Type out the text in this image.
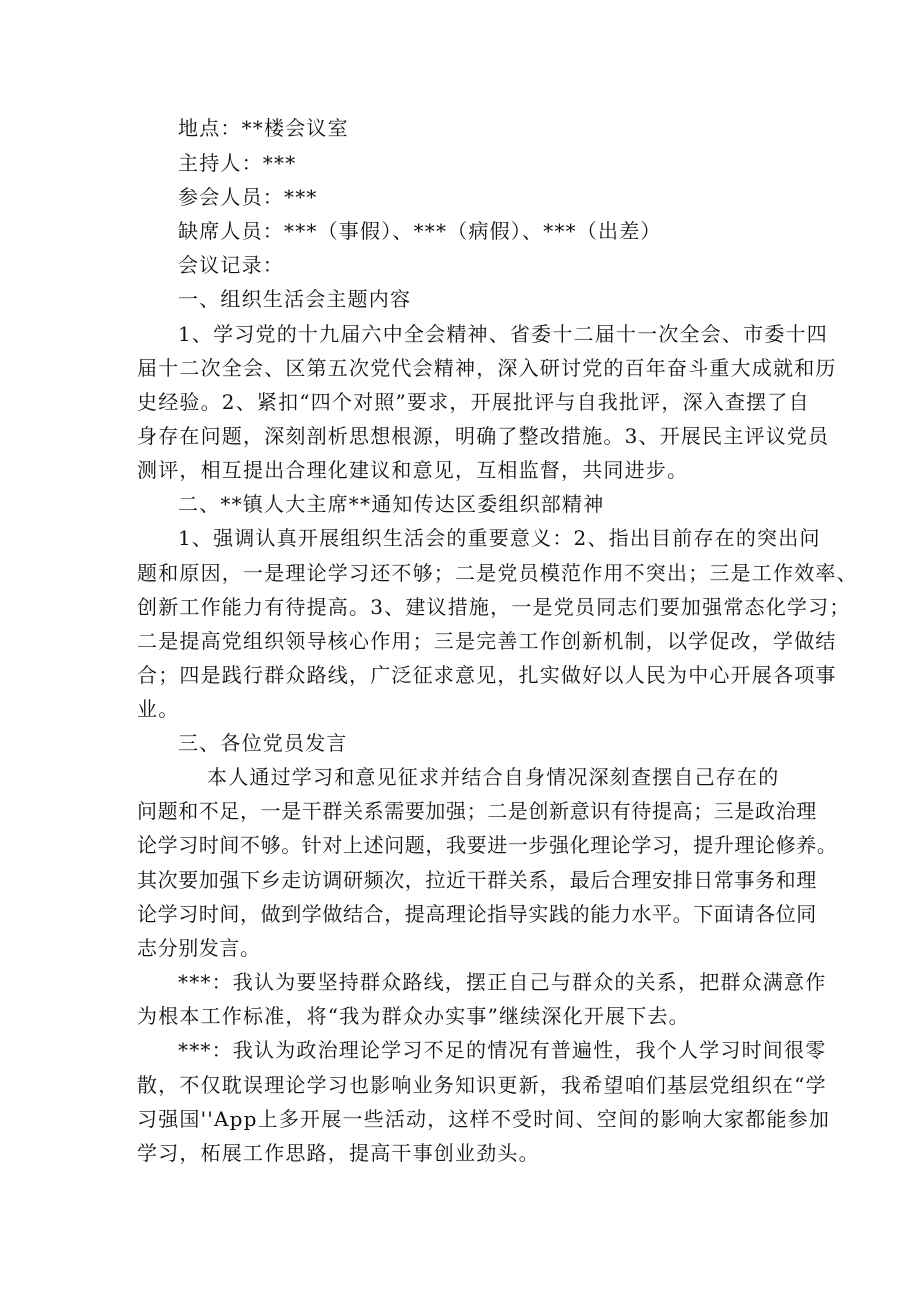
地点：**楼会议室
主持人：***
参会人员：***
缺席人员：***（事假）、***（病假）、***（出差）
会议记录：
一、组织生活会主题内容
1、学习党的十九届六中全会精神、省委十二届十一次全会、市委十四
届十二次全会、区第五次党代会精神，深入研讨党的百年奋斗重大成就和历
史经验。2、紧扣“四个对照”要求，开展批评与自我批评，深入查摆了自
身存在问题，深刻剖析思想根源，明确了整改措施。3、开展民主评议党员
测评，相互提出合理化建议和意见，互相监督，共同进步。
二、**镇人大主席**通知传达区委组织部精神
1、强调认真开展组织生活会的重要意义：2、指出目前存在的突出问
题和原因，一是理论学习还不够；二是党员模范作用不突出；三是工作效率、
创新工作能力有待提高。3、建议措施，一是党员同志们要加强常态化学习；
二是提高党组织领导核心作用；三是完善工作创新机制，以学促改，学做结
合；四是践行群众路线，广泛征求意见，扎实做好以人民为中心开展各项事
业。
三、各位党员发言
本人通过学习和意见征求并结合自身情况深刻查摆自己存在的
问题和不足，一是干群关系需要加强；二是创新意识有待提高；三是政治理
论学习时间不够。针对上述问题，我要进一步强化理论学习，提升理论修养。
其次要加强下乡走访调研频次，拉近干群关系，最后合理安排日常事务和理
论学习时间，做到学做结合，提高理论指导实践的能力水平。下面请各位同
志分别发言。
***：我认为要坚持群众路线，摆正自己与群众的关系，把群众满意作
为根本工作标准，将“我为群众办实事”继续深化开展下去。
***：我认为政治理论学习不足的情况有普遍性，我个人学习时间很零
散，不仅耽误理论学习也影响业务知识更新，我希望咱们基层党组织在“学
习强国''App上多开展一些活动，这样不受时间、空间的影响大家都能参加
学习，柘展工作思路，提高干事创业劲头。
